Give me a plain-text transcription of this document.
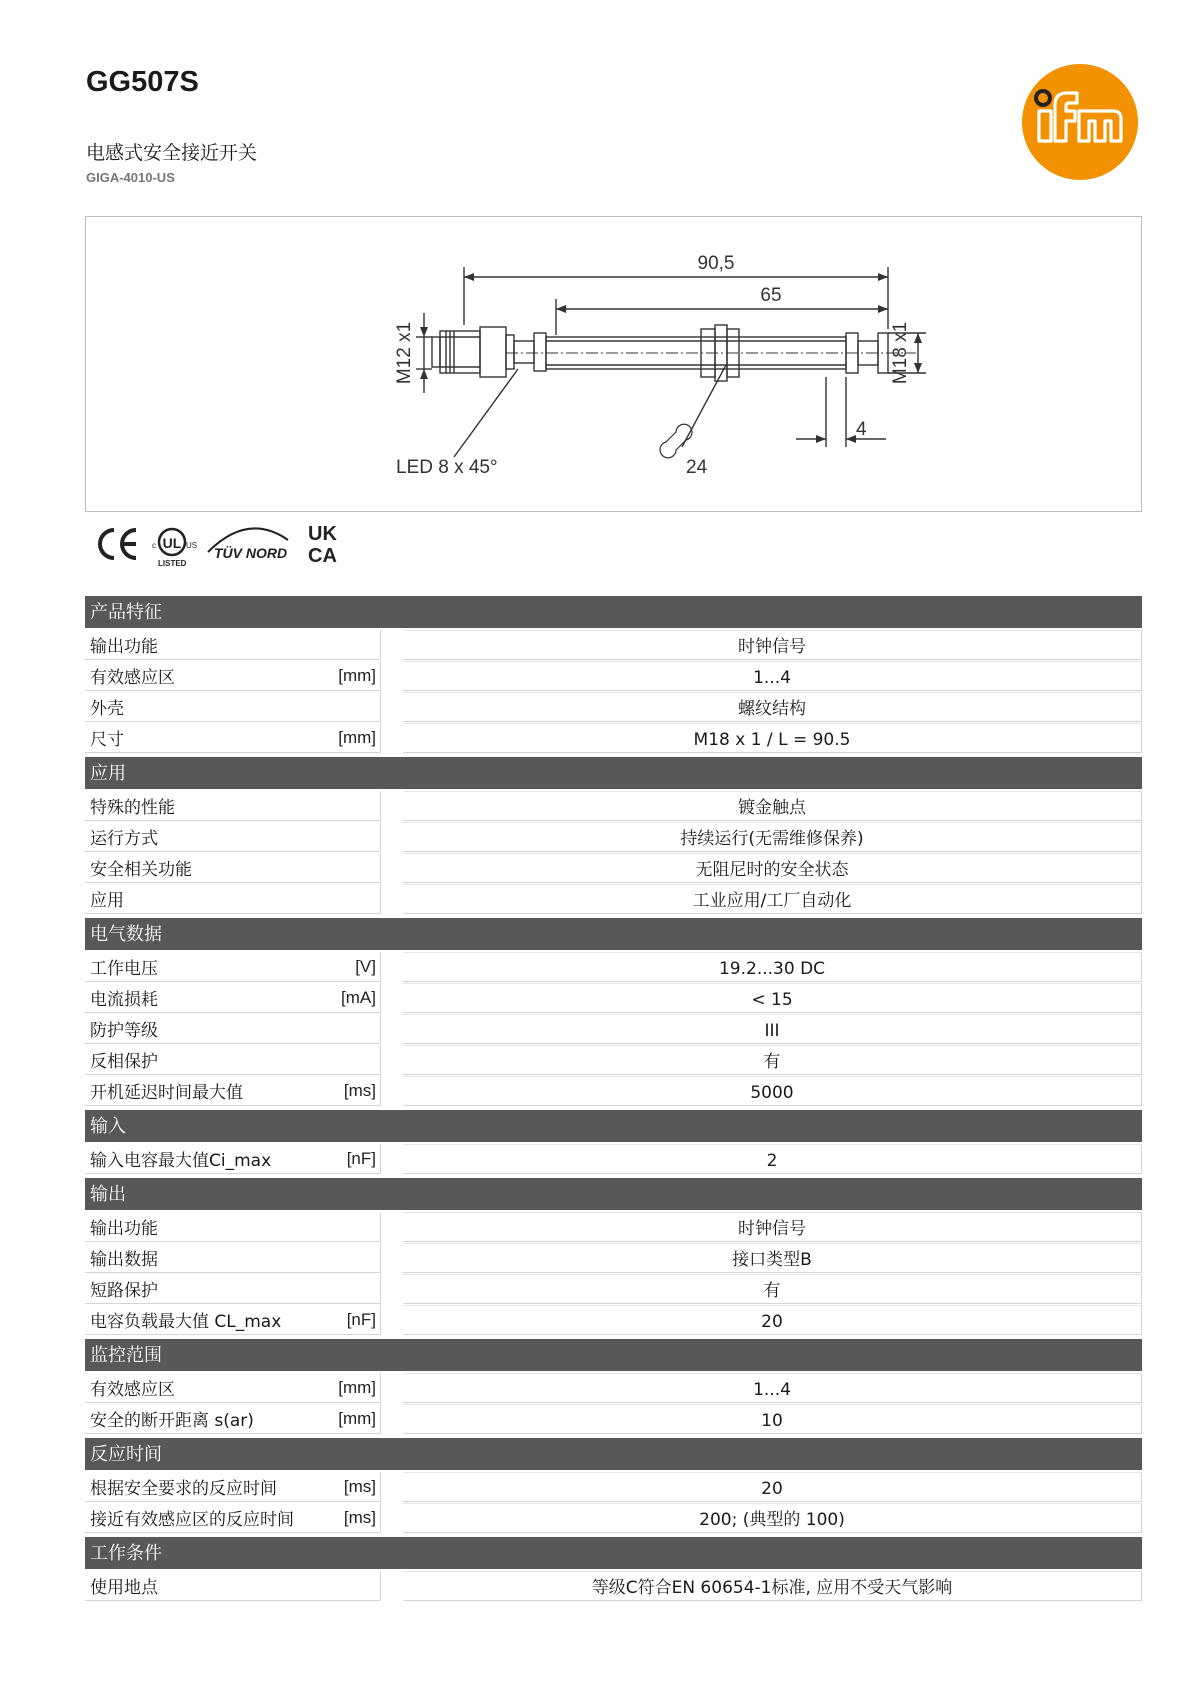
GG507S
电感式安全接近开关
GIGA-4010-US
90,5
65
M12 x1	M18 x1
4
LED 8 x 45°	24
UL
c	US
LISTED
TÜV NORD
UK
CA
产品特征
输出功能	时钟信号
有效感应区	[mm]	1...4
外壳	螺纹结构
尺寸	[mm]	M18 x 1 / L = 90.5
应用
特殊的性能	镀金触点
运行方式	持续运行(无需维修保养)
安全相关功能	无阻尼时的安全状态
应用	工业应用/工厂自动化
电气数据
工作电压	[V]	19.2...30 DC
电流损耗	[mA]	< 15
防护等级	III
反相保护	有
开机延迟时间最大值	[ms]	5000
输入
输入电容最大值Ci_max	[nF]	2
输出
输出功能	时钟信号
输出数据	接口类型B
短路保护	有
电容负载最大值 CL_max	[nF]	20
监控范围
有效感应区	[mm]	1...4
安全的断开距离 s(ar)	[mm]	10
反应时间
根据安全要求的反应时间	[ms]	20
接近有效感应区的反应时间	[ms]	200; (典型的 100)
工作条件
使用地点	等级C符合EN 60654-1标准, 应用不受天气影响
